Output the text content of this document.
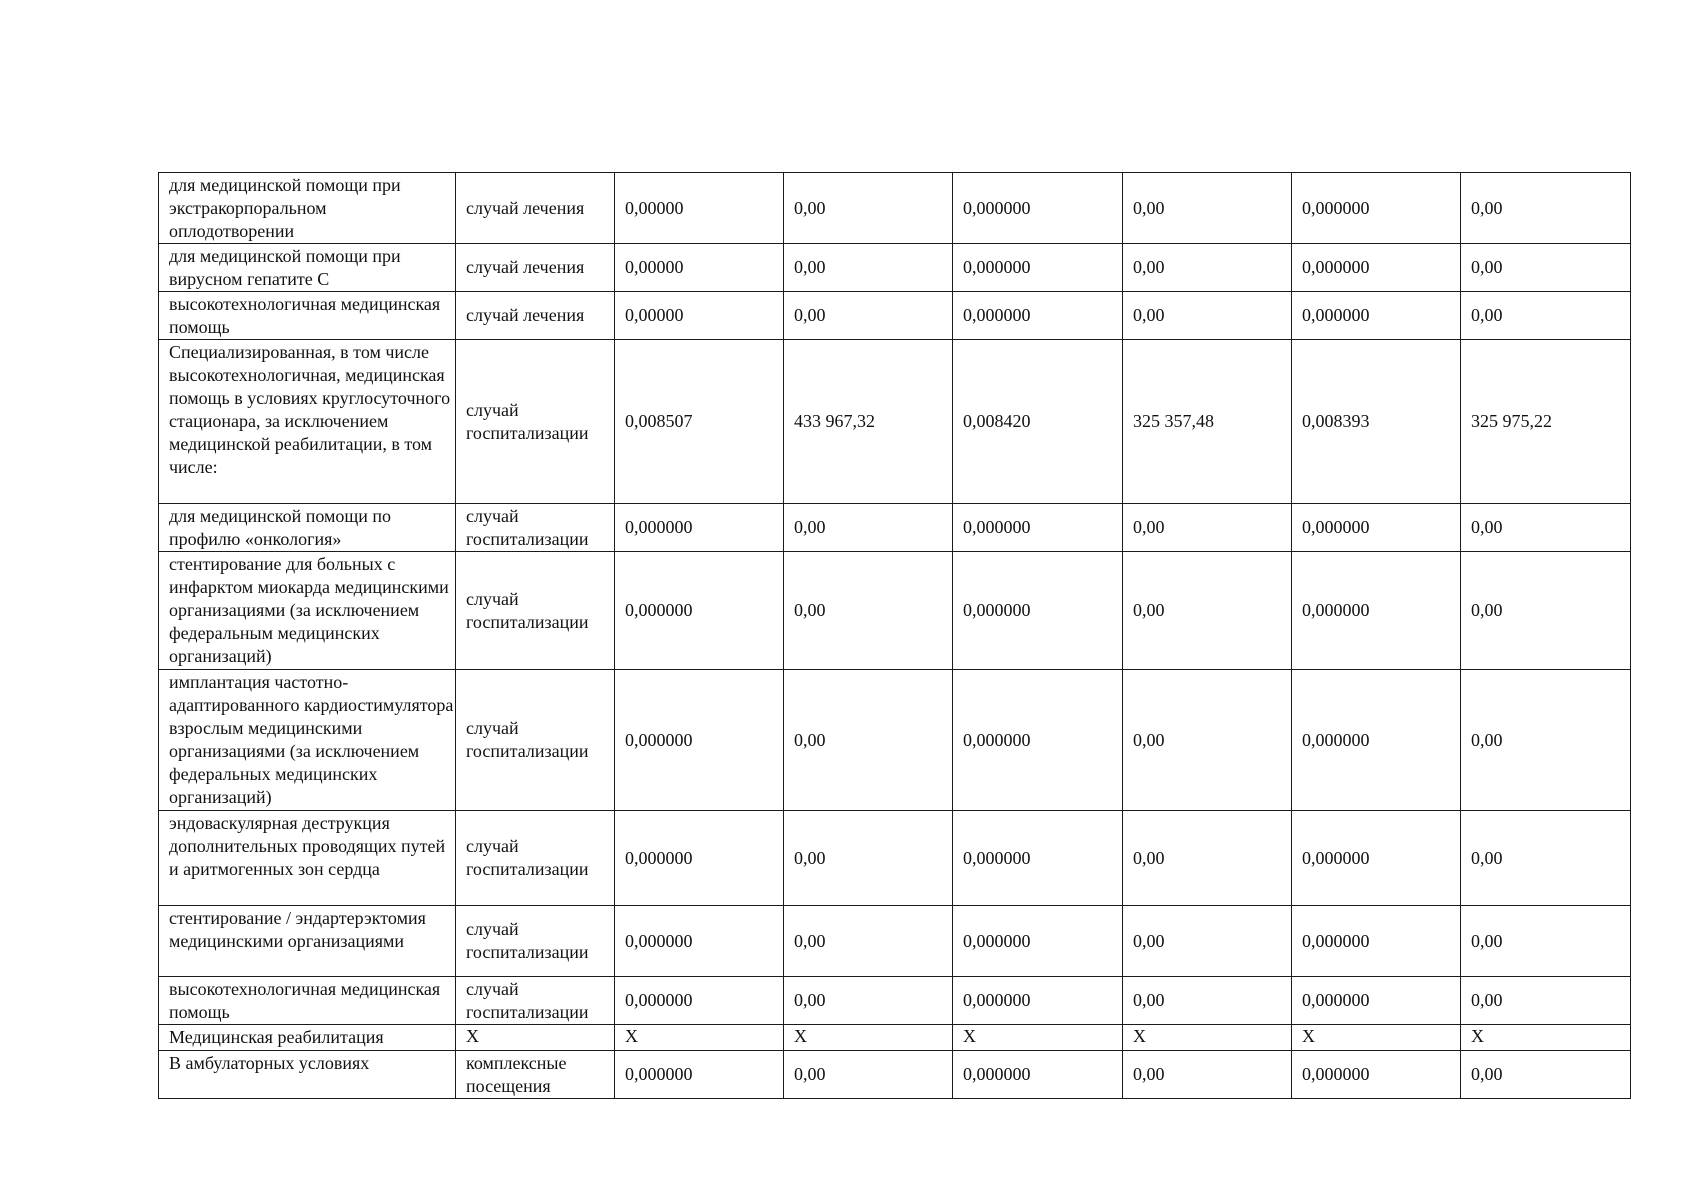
для медицинской помощи при экстракорпоральном оплодотворении	случай лечения	0,00000	0,00	0,000000	0,00	0,000000	0,00
для медицинской помощи при вирусном гепатите С	случай лечения	0,00000	0,00	0,000000	0,00	0,000000	0,00
высокотехнологичная медицинская помощь	случай лечения	0,00000	0,00	0,000000	0,00	0,000000	0,00
Специализированная, в том числе высокотехнологичная, медицинская помощь в условиях круглосуточного стационара, за исключением медицинской реабилитации, в том числе:	случай госпитализации	0,008507	433 967,32	0,008420	325 357,48	0,008393	325 975,22
для медицинской помощи по профилю «онкология»	случай госпитализации	0,000000	0,00	0,000000	0,00	0,000000	0,00
стентирование для больных с инфарктом миокарда медицинскими организациями (за исключением федеральным медицинских организаций)	случай госпитализации	0,000000	0,00	0,000000	0,00	0,000000	0,00
имплантация частотно-адаптированного кардиостимулятора взрослым медицинскими организациями (за исключением федеральных медицинских организаций)	случай госпитализации	0,000000	0,00	0,000000	0,00	0,000000	0,00
эндоваскулярная деструкция дополнительных проводящих путей и аритмогенных зон сердца	случай госпитализации	0,000000	0,00	0,000000	0,00	0,000000	0,00
стентирование / эндартерэктомия медицинскими организациями	случай госпитализации	0,000000	0,00	0,000000	0,00	0,000000	0,00
высокотехнологичная медицинская помощь	случай госпитализации	0,000000	0,00	0,000000	0,00	0,000000	0,00
Медицинская реабилитация	Х	Х	Х	Х	Х	Х	Х
В амбулаторных условиях	комплексные посещения	0,000000	0,00	0,000000	0,00	0,000000	0,00
